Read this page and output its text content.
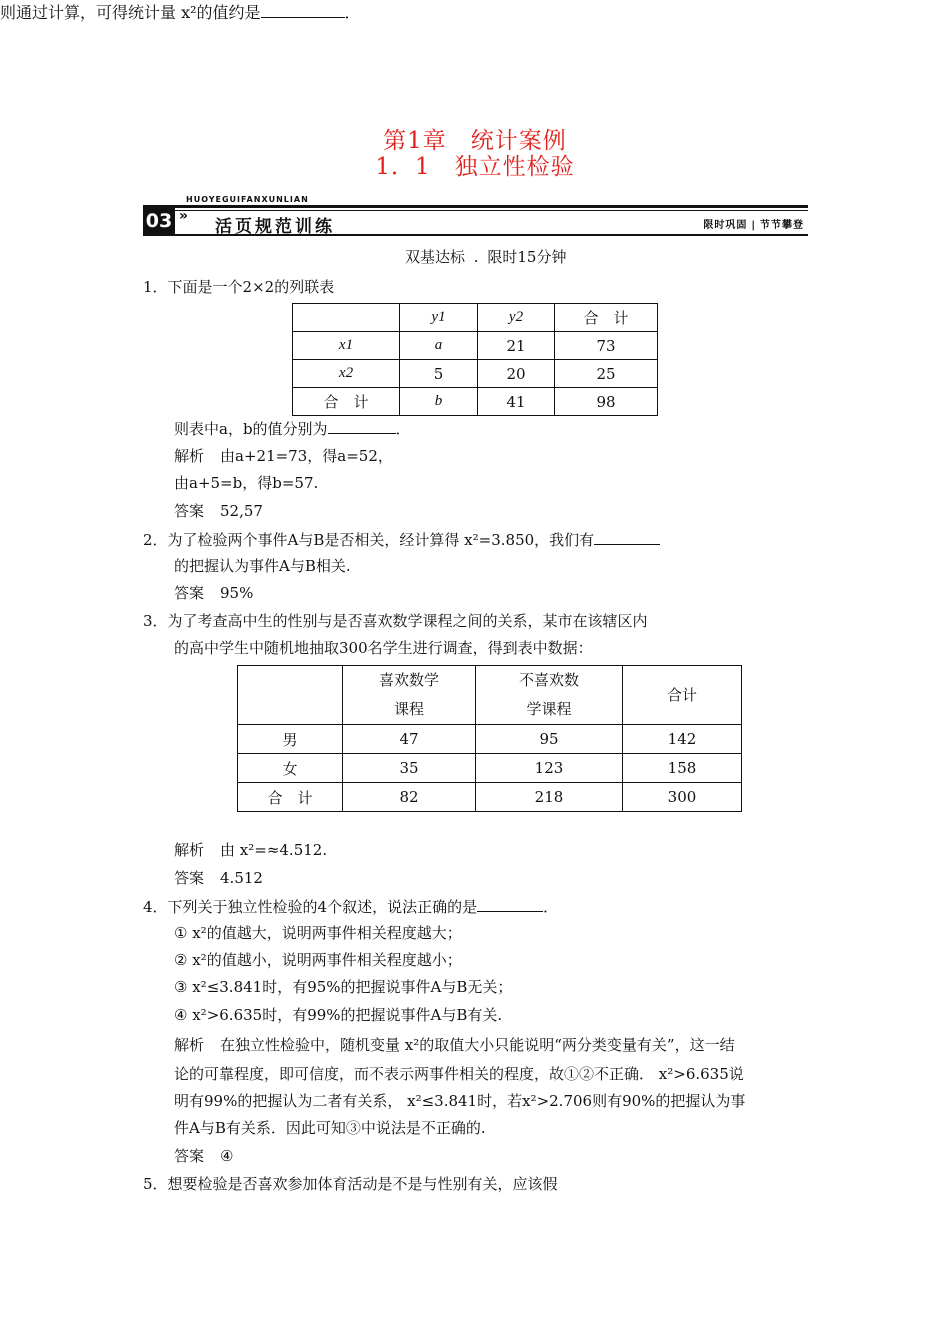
第1章　统计案例
1．1　独立性检验
HUOYEGUIFANXUNLIAN
03 »
活页规范训练	限时巩固 | 节节攀登
双基达标 . 限时15分钟
1．下面是一个2×2的列联表
	y1	y2	合　计
x1	a	21	73
x2	5	20	25
合　计	b	41	98
则表中a，b的值分别为	．
解析 由a+21=73，得a=52，
由a+5=b，得b=57.
答案 52,57
2．为了检验两个事件A与B是否相关，经计算得 x²=3.850，我们有
的把握认为事件A与B相关.
答案 95%
3．为了考查高中生的性别与是否喜欢数学课程之间的关系，某市在该辖区内
的高中学生中随机地抽取300名学生进行调查，得到表中数据：
	喜欢数学课程	不喜欢数学课程	合计
男	47	95	142
女	35	123	158
合　计	82	218	300
则通过计算，可得统计量 x²的值约是	．
解析 由 x²=≈4.512.
答案 4.512
4．下列关于独立性检验的4个叙述，说法正确的是	．
① x²的值越大，说明两事件相关程度越大；
② x²的值越小，说明两事件相关程度越小；
③ x²≤3.841时，有95%的把握说事件A与B无关；
④ x²>6.635时，有99%的把握说事件A与B有关.
解析 在独立性检验中，随机变量 x²的取值大小只能说明“两分类变量有关”，这一结
论的可靠程度，即可信度，而不表示两事件相关的程度，故①②不正确． x²>6.635说
明有99%的把握认为二者有关系， x²≤3.841时，若x²>2.706则有90%的把握认为事
件A与B有关系．因此可知③中说法是不正确的.
答案 ④
5．想要检验是否喜欢参加体育活动是不是与性别有关，应该假
